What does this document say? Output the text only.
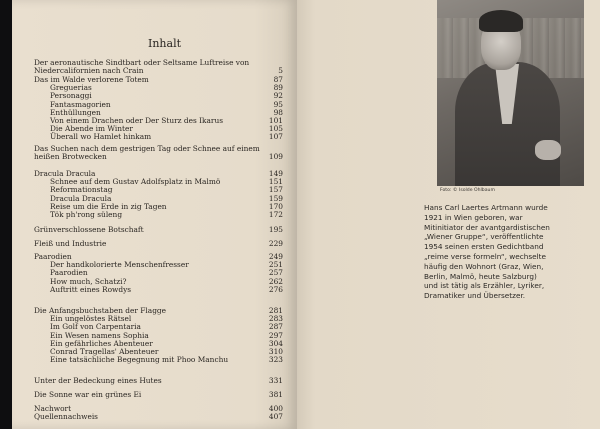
Inhalt
Der aeronautische Sindtbart oder Seltsame Luftreise von
Niedercalifornien nach Crain	5
Das im Walde verlorene Totem	87
Greguerias	89
Personaggi	92
Fantasmagorien	95
Enthüllungen	98
Von einem Drachen oder Der Sturz des Ikarus	101
Die Abende im Winter	105
Überall wo Hamlet hinkam	107
Das Suchen nach dem gestrigen Tag oder Schnee auf einem
heißen Brotwecken	109
Dracula Dracula	149
Schnee auf dem Gustav Adolfsplatz in Malmö	151
Reformationstag	157
Dracula Dracula	159
Reise um die Erde in zig Tagen	170
Tök ph'rong süleng	172
Grünverschlossene Botschaft	195
Fleiß und Industrie	229
Paarodien	249
Der handkolorierte Menschenfresser	251
Paarodien	257
How much, Schatzi?	262
Auftritt eines Rowdys	276
Die Anfangsbuchstaben der Flagge	281
Ein ungelöstes Rätsel	283
Im Golf von Carpentaria	287
Ein Wesen namens Sophia	297
Ein gefährliches Abenteuer	304
Conrad Tragellas' Abenteuer	310
Eine tatsächliche Begegnung mit Phoo Manchu	323
Unter der Bedeckung eines Hutes	331
Die Sonne war ein grünes Ei	381
Nachwort	400
Quellennachweis	407
Foto: © Isolde Ohlbaum
Hans Carl Laertes Artmann wurde
1921 in Wien geboren, war
Mitinitiator der avantgardistischen
„Wiener Gruppe“, veröffentlichte
1954 seinen ersten Gedichtband
„reime verse formeln“, wechselte
häufig den Wohnort (Graz, Wien,
Berlin, Malmö, heute Salzburg)
und ist tätig als Erzähler, Lyriker,
Dramatiker und Übersetzer.
